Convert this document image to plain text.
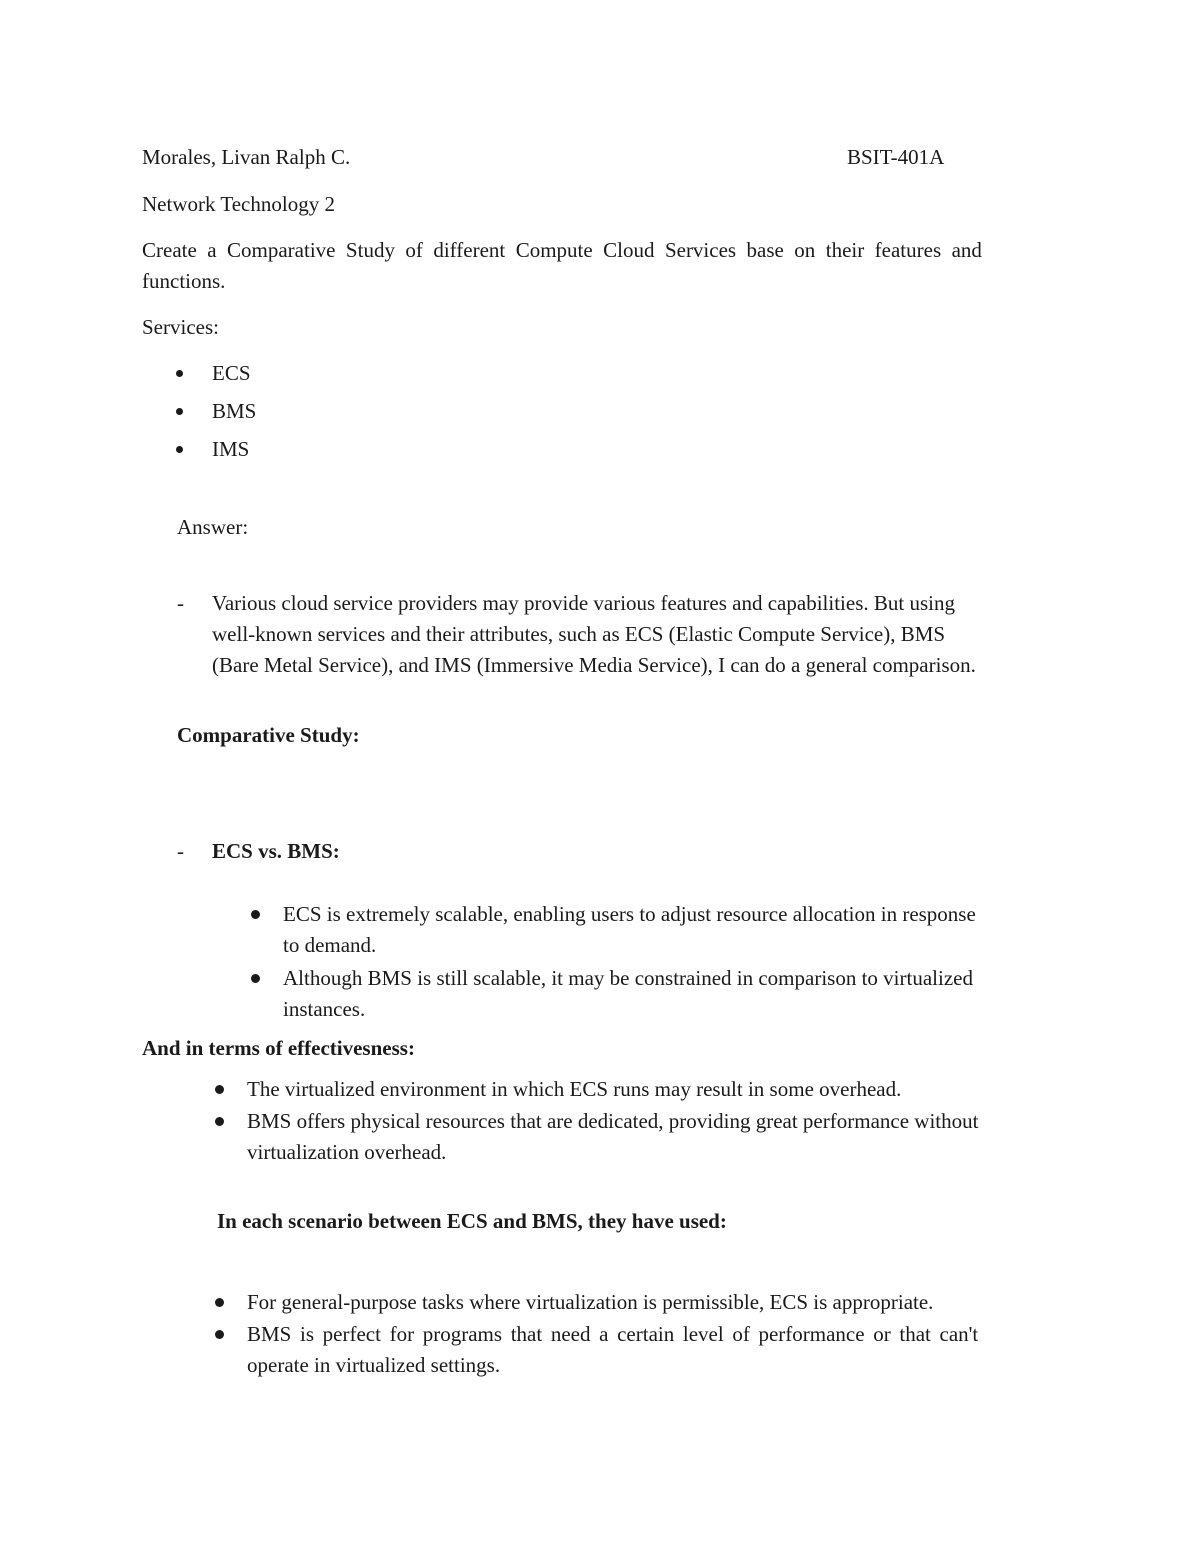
Morales, Livan Ralph C.	BSIT-401A
Network Technology 2
Create a Comparative Study of different Compute Cloud Services base on their features and
functions.
Services:
ECS
BMS
IMS
Answer:
- Various cloud service providers may provide various features and capabilities. But using
well-known services and their attributes, such as ECS (Elastic Compute Service), BMS
(Bare Metal Service), and IMS (Immersive Media Service), I can do a general comparison.
Comparative Study:
- ECS vs. BMS:
ECS is extremely scalable, enabling users to adjust resource allocation in response
to demand.
Although BMS is still scalable, it may be constrained in comparison to virtualized
instances.
And in terms of effectivesness:
The virtualized environment in which ECS runs may result in some overhead.
BMS offers physical resources that are dedicated, providing great performance without
virtualization overhead.
In each scenario between ECS and BMS, they have used:
For general-purpose tasks where virtualization is permissible, ECS is appropriate.
BMS is perfect for programs that need a certain level of performance or that can't
operate in virtualized settings.
